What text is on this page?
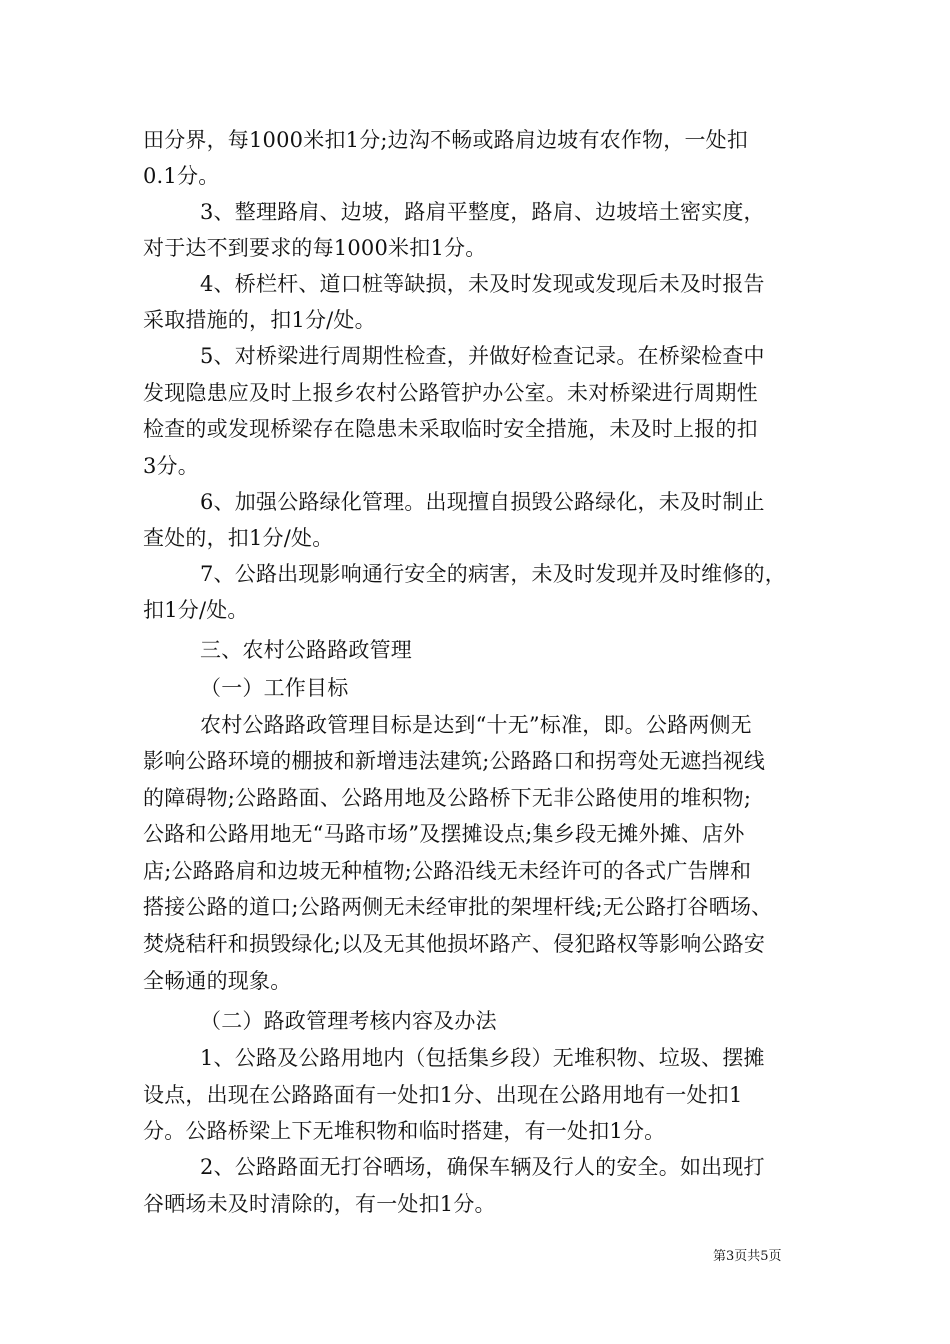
田分界，每1000米扣1分;边沟不畅或路肩边坡有农作物，一处扣
0.1分。
3、整理路肩、边坡，路肩平整度，路肩、边坡培土密实度，
对于达不到要求的每1000米扣1分。
4、桥栏杆、道口桩等缺损，未及时发现或发现后未及时报告
采取措施的，扣1分/处。
5、对桥梁进行周期性检查，并做好检查记录。在桥梁检查中
发现隐患应及时上报乡农村公路管护办公室。未对桥梁进行周期性
检查的或发现桥梁存在隐患未采取临时安全措施，未及时上报的扣
3分。
6、加强公路绿化管理。出现擅自损毁公路绿化，未及时制止
查处的，扣1分/处。
7、公路出现影响通行安全的病害，未及时发现并及时维修的，
扣1分/处。
三、农村公路路政管理
（一）工作目标
农村公路路政管理目标是达到“十无”标准，即。公路两侧无
影响公路环境的棚披和新增违法建筑;公路路口和拐弯处无遮挡视线
的障碍物;公路路面、公路用地及公路桥下无非公路使用的堆积物;
公路和公路用地无“马路市场”及摆摊设点;集乡段无摊外摊、店外
店;公路路肩和边坡无种植物;公路沿线无未经许可的各式广告牌和
搭接公路的道口;公路两侧无未经审批的架埋杆线;无公路打谷晒场、
焚烧秸秆和损毁绿化;以及无其他损坏路产、侵犯路权等影响公路安
全畅通的现象。
（二）路政管理考核内容及办法
1、公路及公路用地内（包括集乡段）无堆积物、垃圾、摆摊
设点，出现在公路路面有一处扣1分、出现在公路用地有一处扣1
分。公路桥梁上下无堆积物和临时搭建，有一处扣1分。
2、公路路面无打谷晒场，确保车辆及行人的安全。如出现打
谷晒场未及时清除的，有一处扣1分。
第3页共5页
